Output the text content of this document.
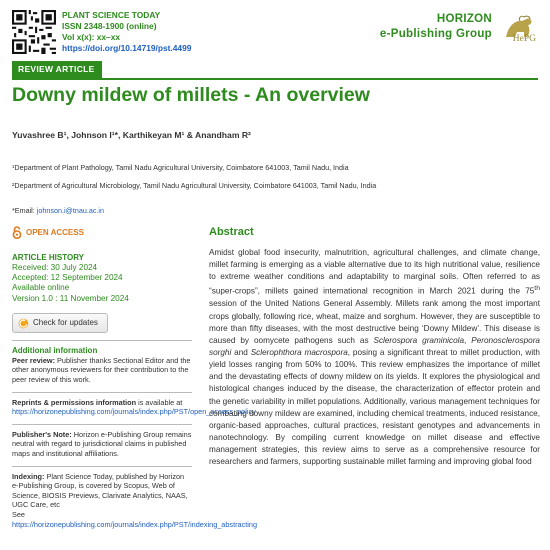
PLANT SCIENCE TODAY
ISSN 2348-1900 (online)
Vol x(x): xx–xx
https://doi.org/10.14719/pst.4499
HORIZON
e-Publishing Group HePG
REVIEW ARTICLE
Downy mildew of millets - An overview
Yuvashree B¹, Johnson I¹*, Karthikeyan M¹ & Anandham R²
¹Department of Plant Pathology, Tamil Nadu Agricultural University, Coimbatore 641003, Tamil Nadu, India
²Department of Agricultural Microbiology, Tamil Nadu Agricultural University, Coimbatore 641003, Tamil Nadu, India
*Email: johnson.i@tnau.ac.in
OPEN ACCESS
ARTICLE HISTORY
Received: 30 July 2024
Accepted: 12 September 2024
Available online
Version 1.0 : 11 November 2024
Check for updates
Additional information
Peer review: Publisher thanks Sectional Editor and the other anonymous reviewers for their contribution to the peer review of this work.
Reprints & permissions information is available at https://horizonepublishing.com/journals/index.php/PST/open_access_policy
Publisher's Note: Horizon e-Publishing Group remains neutral with regard to jurisdictional claims in published maps and institutional affiliations.
Indexing: Plant Science Today, published by Horizon e-Publishing Group, is covered by Scopus, Web of Science, BIOSIS Previews, Clarivate Analytics, NAAS, UGC Care, etc
See https://horizonepublishing.com/journals/index.php/PST/indexing_abstracting
Abstract
Amidst global food insecurity, malnutrition, agricultural challenges, and climate change, millet farming is emerging as a viable alternative due to its high nutritional value, resilience to extreme weather conditions and adaptability to marginal soils. Often referred to as “super-crops”, millets gained international recognition in March 2021 during the 75th session of the United Nations General Assembly. Millets rank among the most important crops globally, following rice, wheat, maize and sorghum. However, they are susceptible to more than fifty diseases, with the most destructive being ‘Downy Mildew’. This disease is caused by oomycete pathogens such as Sclerospora graminicola, Peronosclerospora sorghi and Sclerophthora macrospora, posing a significant threat to millet production, with yield losses ranging from 50% to 100%. This review emphasizes the importance of millet and the devastating effects of downy mildew on its yields. It explores the physiological and histological changes induced by the disease, the characterization of effector protein and the genetic variability in millet populations. Additionally, various management techniques for combating downy mildew are examined, including chemical treatments, induced resistance, organic-based approaches, cultural practices, resistant genotypes and advancements in nanotechnology. By compiling current knowledge on millet disease and effective management strategies, this review aims to serve as a comprehensive resource for researchers and farmers, supporting sustainable millet farming and improving global food
